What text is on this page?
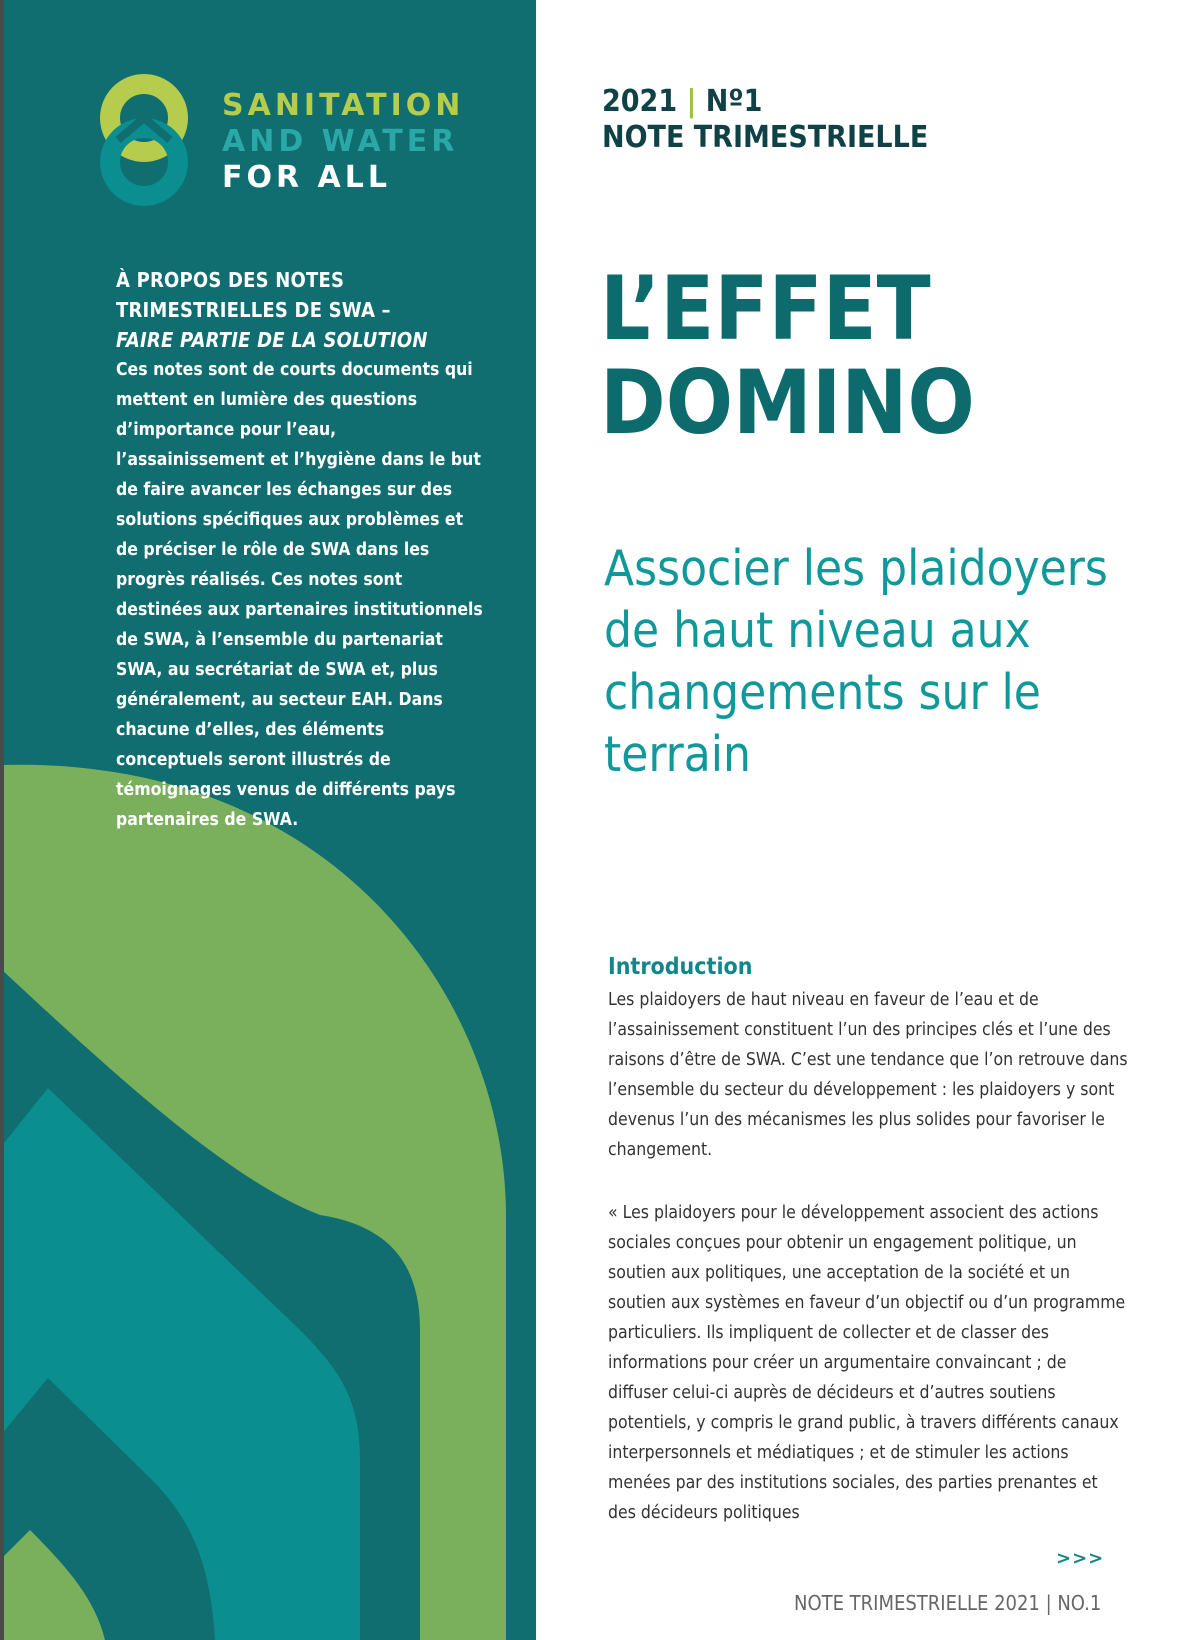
SANITATION
AND WATER
FOR ALL
À PROPOS DES NOTES
TRIMESTRIELLES DE SWA –
FAIRE PARTIE DE LA SOLUTION

Ces notes sont de courts documents qui mettent en lumière des questions d’importance pour l’eau, l’assainissement et l’hygiène dans le but de faire avancer les échanges sur des solutions spécifiques aux problèmes et de préciser le rôle de SWA dans les progrès réalisés. Ces notes sont destinées aux partenaires institutionnels de SWA, à l’ensemble du partenariat SWA, au secrétariat de SWA et, plus généralement, au secteur EAH. Dans chacune d’elles, des éléments conceptuels seront illustrés de témoignages venus de différents pays partenaires de SWA.

2021 | Nº1
NOTE TRIMESTRIELLE
L’EFFET
DOMINO
Associer les plaidoyers de haut niveau aux changements sur le terrain
Introduction

Les plaidoyers de haut niveau en faveur de l’eau et de l’assainissement constituent l’un des principes clés et l’une des raisons d’être de SWA. C’est une tendance que l’on retrouve dans l’ensemble du secteur du développement : les plaidoyers y sont devenus l’un des mécanismes les plus solides pour favoriser le changement.

« Les plaidoyers pour le développement associent des actions sociales conçues pour obtenir un engagement politique, un soutien aux politiques, une acceptation de la société et un soutien aux systèmes en faveur d’un objectif ou d’un programme particuliers. Ils impliquent de collecter et de classer des informations pour créer un argumentaire convaincant ; de diffuser celui-ci auprès de décideurs et d’autres soutiens potentiels, y compris le grand public, à travers différents canaux interpersonnels et médiatiques ; et de stimuler les actions menées par des institutions sociales, des parties prenantes et des décideurs politiques

>>>
NOTE TRIMESTRIELLE 2021 | NO.1
